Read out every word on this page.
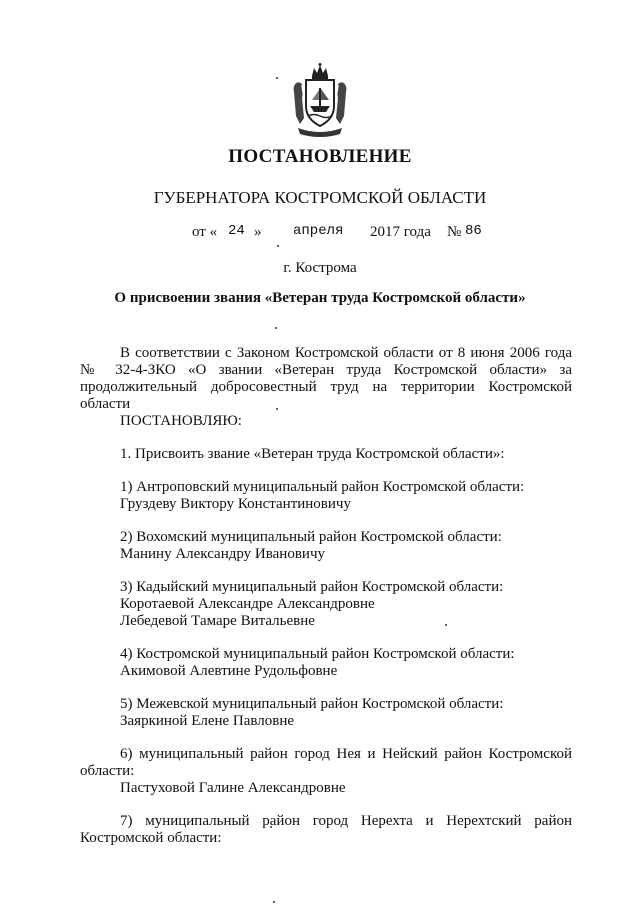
ПОСТАНОВЛЕНИЕ
ГУБЕРНАТОРА КОСТРОМСКОЙ ОБЛАСТИ
от « 24 » апреля 2017 года № 86
г. Кострома
О присвоении звания «Ветеран труда Костромской области»

В соответствии с Законом Костромской области от 8 июня 2006 года

№ 32-4-ЗКО «О звании «Ветеран труда Костромской области» за

продолжительный добросовестный труд на территории Костромской

области

ПОСТАНОВЛЯЮ:

1. Присвоить звание «Ветеран труда Костромской области»:

1) Антроповский муниципальный район Костромской области:

Груздеву Виктору Константиновичу

2) Вохомский муниципальный район Костромской области:

Манину Александру Ивановичу

3) Кадыйский муниципальный район Костромской области:

Коротаевой Александре Александровне

Лебедевой Тамаре Витальевне

4) Костромской муниципальный район Костромской области:

Акимовой Алевтине Рудольфовне

5) Межевской муниципальный район Костромской области:

Заяркиной Елене Павловне

6) муниципальный район город Нея и Нейский район Костромской

области:

Пастуховой Галине Александровне

7) муниципальный район город Нерехта и Нерехтский район

Костромской области:
